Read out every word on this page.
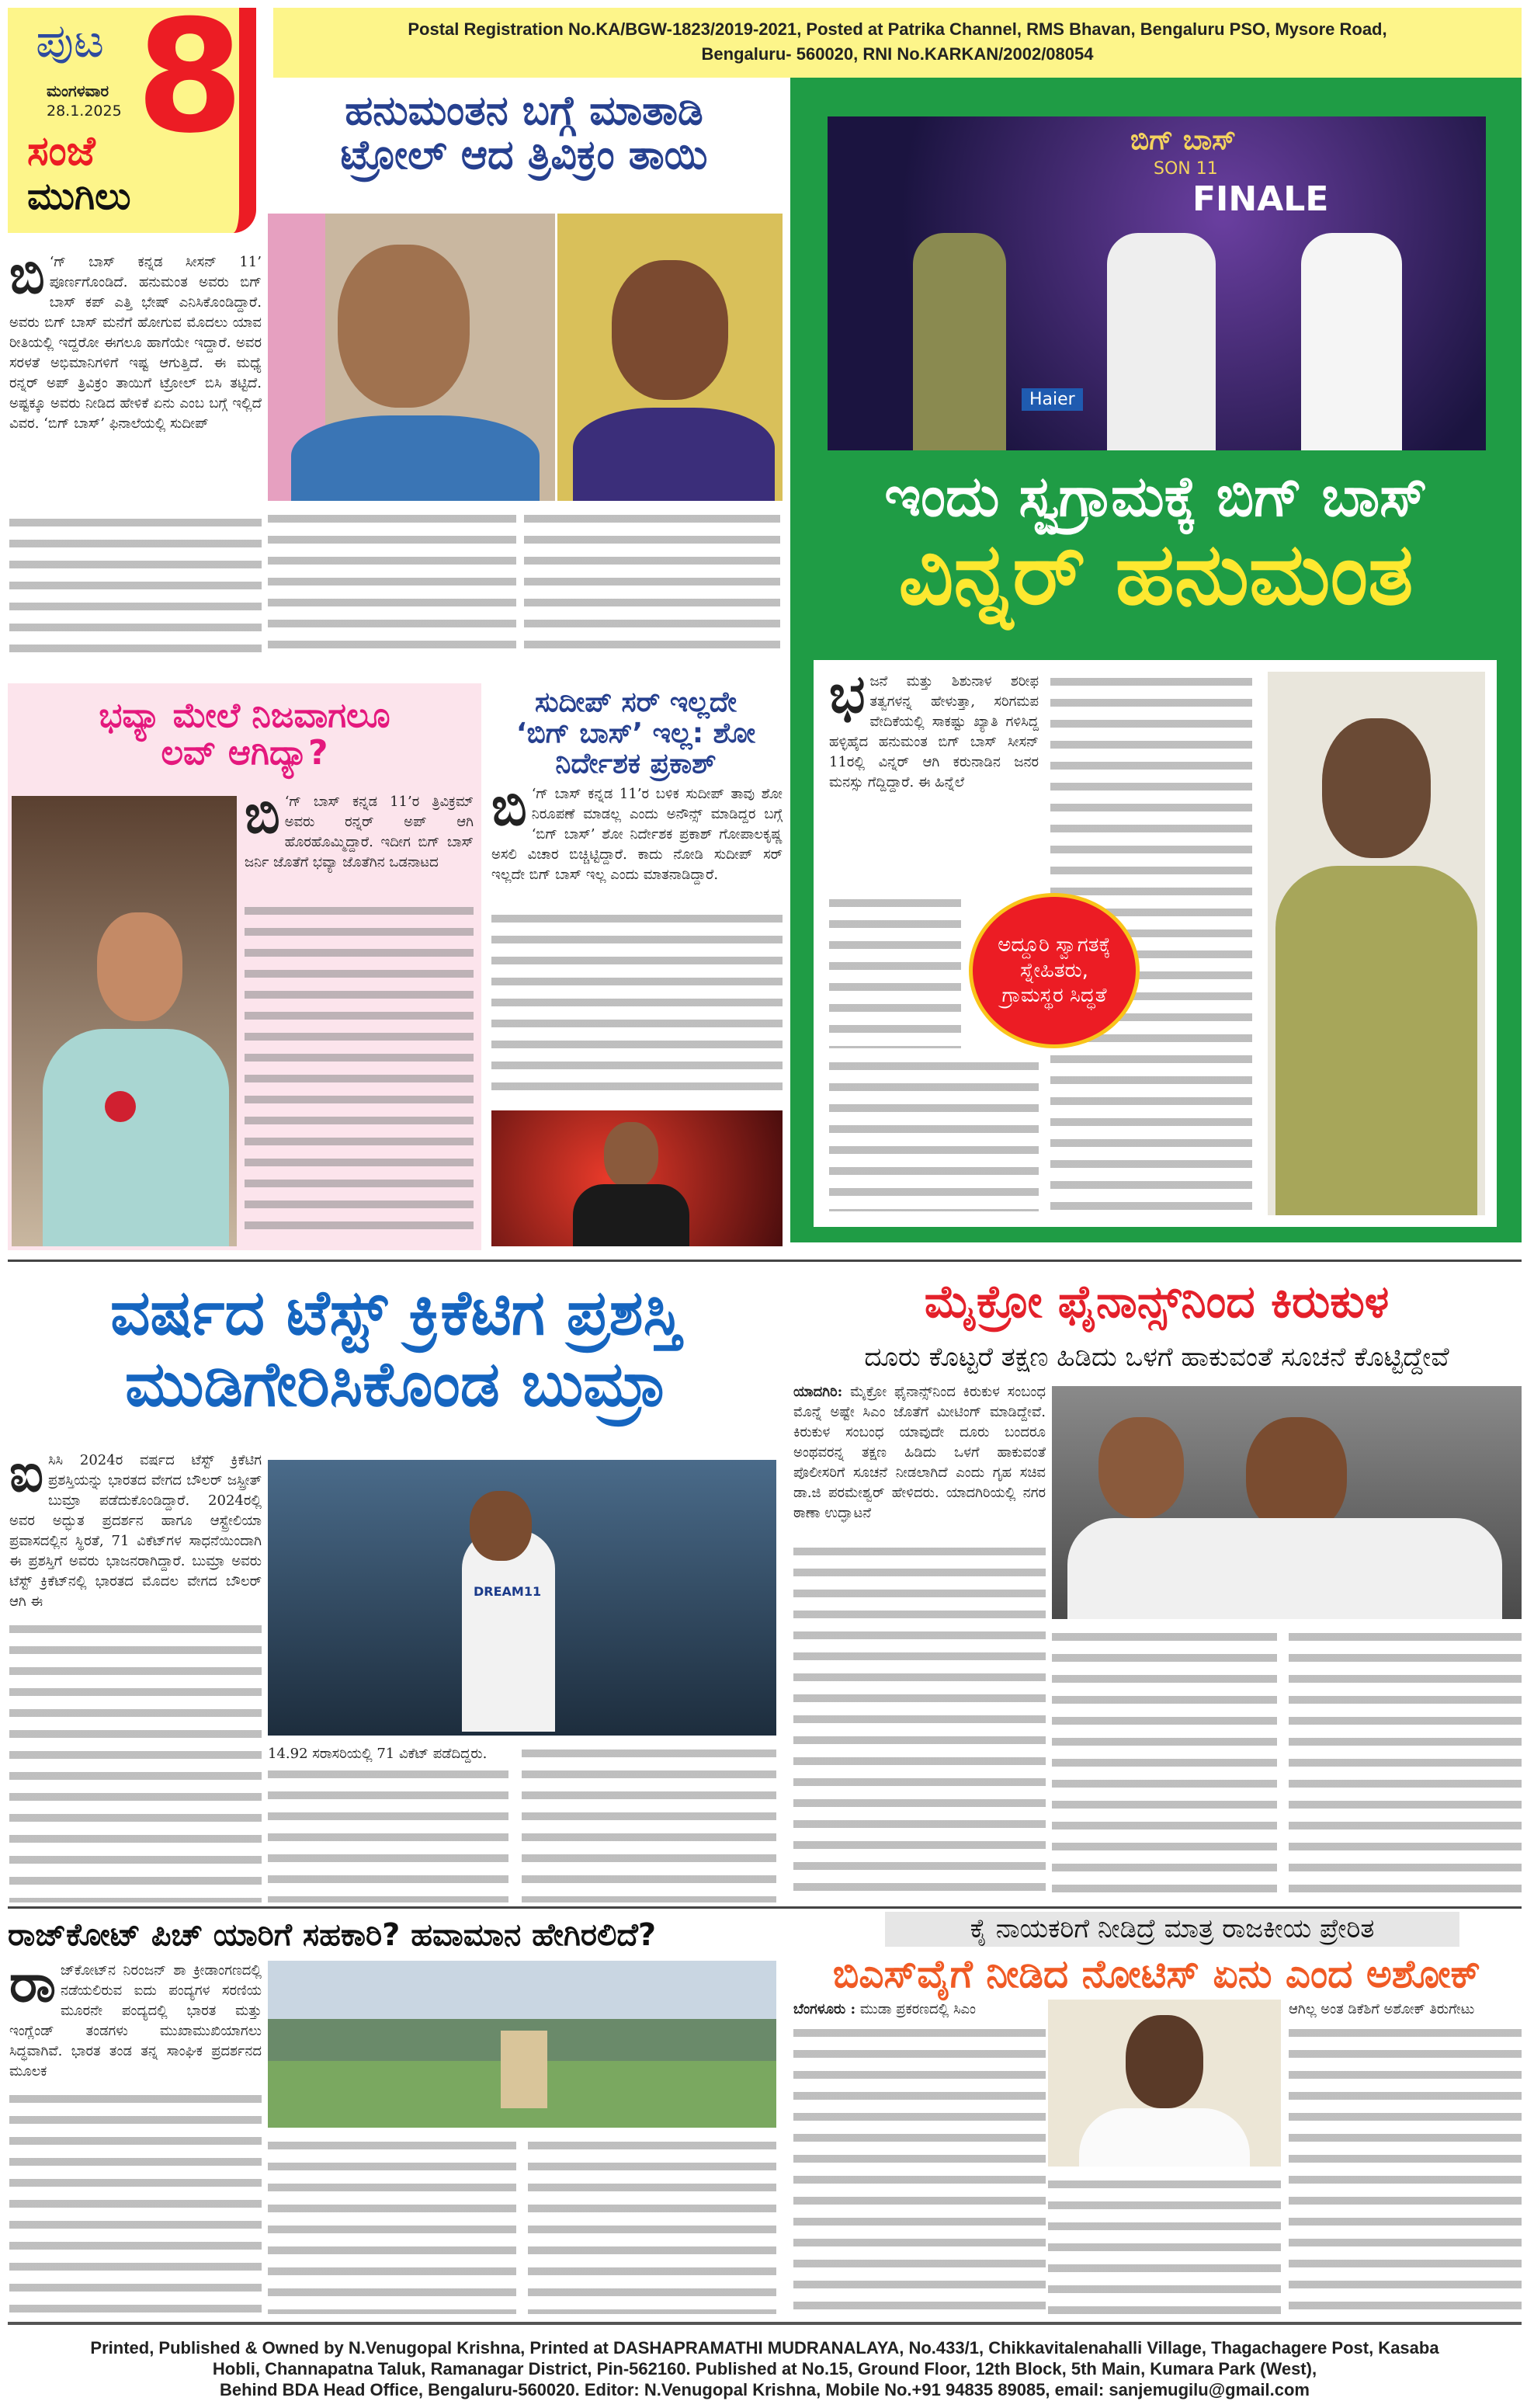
ಪುಟ 8
ಮಂಗಳವಾರ
28.1.2025
ಸಂಜೆ
ಮುಗಿಲು
Postal Registration No.KA/BGW-1823/2019-2021, Posted at Patrika Channel, RMS Bhavan, Bengaluru PSO, Mysore Road,
Bengaluru- 560020, RNI No.KARKAN/2002/08054
ಹನುಮಂತನ ಬಗ್ಗೆ ಮಾತಾಡಿ
ಟ್ರೋಲ್ ಆದ ತ್ರಿವಿಕ್ರಂ ತಾಯಿ
ಬಿ ‘ಗ್ ಬಾಸ್ ಕನ್ನಡ ಸೀಸನ್ 11’ ಪೂರ್ಣಗೊಂಡಿದೆ. ಹನುಮಂತ ಅವರು ಬಿಗ್ ಬಾಸ್ ಕಪ್ ಎತ್ತಿ ಭೇಷ್ ಎನಿಸಿಕೊಂಡಿದ್ದಾರೆ. ಅವರು ಬಿಗ್ ಬಾಸ್ ಮನೆಗೆ ಹೋಗುವ ಮೊದಲು ಯಾವ ರೀತಿಯಲ್ಲಿ ಇದ್ದರೋ ಈಗಲೂ ಹಾಗೆಯೇ ಇದ್ದಾರೆ. ಅವರ ಸರಳತೆ ಅಭಿಮಾನಿಗಳಿಗೆ ಇಷ್ಟ ಆಗುತ್ತಿದೆ. ಈ ಮಧ್ಯೆ ರನ್ನರ್ ಅಪ್ ತ್ರಿವಿಕ್ರಂ ತಾಯಿಗೆ ಟ್ರೋಲ್ ಬಿಸಿ ತಟ್ಟಿದೆ. ಅಷ್ಟಕ್ಕೂ ಅವರು ನೀಡಿದ ಹೇಳಿಕೆ ಏನು ಎಂಬ ಬಗ್ಗೆ ಇಲ್ಲಿದೆ ವಿವರ. ‘ಬಿಗ್ ಬಾಸ್’ ಫಿನಾಲೆಯಲ್ಲಿ ಸುದೀಪ್
ಬಿಗ್ ಬಾಸ್
SON 11
FINALE
Haier
ಇಂದು ಸ್ವಗ್ರಾಮಕ್ಕೆ ಬಿಗ್ ಬಾಸ್
ವಿನ್ನರ್ ಹನುಮಂತ
ಅದ್ದೂರಿ ಸ್ವಾಗತಕ್ಕೆ ಸ್ನೇಹಿತರು, ಗ್ರಾಮಸ್ಥರ ಸಿದ್ಧತೆ
ಭಜನೆ ಮತ್ತು ಶಿಶುನಾಳ ಶರೀಫ ತತ್ವಗಳನ್ನ ಹೇಳುತ್ತಾ, ಸರಿಗಮಪ ವೇದಿಕೆಯಲ್ಲಿ ಸಾಕಷ್ಟು ಖ್ಯಾತಿ ಗಳಿಸಿದ್ದ ಹಳ್ಳಿಹೈದ ಹನುಮಂತ ಬಿಗ್ ಬಾಸ್ ಸೀಸನ್ 11ರಲ್ಲಿ ವಿನ್ನರ್ ಆಗಿ ಕರುನಾಡಿನ ಜನರ ಮನಸ್ಸು ಗೆದ್ದಿದ್ದಾರೆ. ಈ ಹಿನ್ನೆಲೆ
ಭವ್ಯಾ ಮೇಲೆ ನಿಜವಾಗಲೂ
ಲವ್ ಆಗಿದ್ಯಾ?
ಬಿ ‘ಗ್ ಬಾಸ್ ಕನ್ನಡ 11’ರ ತ್ರಿವಿಕ್ರಮ್ ಅವರು ರನ್ನರ್ ಅಪ್ ಆಗಿ ಹೊರಹೊಮ್ಮಿದ್ದಾರೆ. ಇದೀಗ ಬಿಗ್ ಬಾಸ್ ಜರ್ನಿ ಜೊತೆಗೆ ಭವ್ಯಾ ಜೊತೆಗಿನ ಒಡನಾಟದ
ಸುದೀಪ್ ಸರ್ ಇಲ್ಲದೇ
‘ಬಿಗ್ ಬಾಸ್’ ಇಲ್ಲ: ಶೋ
ನಿರ್ದೇಶಕ ಪ್ರಕಾಶ್
ಬಿ ‘ಗ್ ಬಾಸ್ ಕನ್ನಡ 11’ರ ಬಳಿಕ ಸುದೀಪ್ ತಾವು ಶೋ ನಿರೂಪಣೆ ಮಾಡಲ್ಲ ಎಂದು ಅನೌನ್ಸ್ ಮಾಡಿದ್ದರ ಬಗ್ಗೆ ‘ಬಿಗ್ ಬಾಸ್’ ಶೋ ನಿರ್ದೇಶಕ ಪ್ರಕಾಶ್ ಗೋಪಾಲಕೃಷ್ಣ ಅಸಲಿ ವಿಚಾರ ಬಿಚ್ಚಿಟ್ಟಿದ್ದಾರೆ. ಕಾದು ನೋಡಿ ಸುದೀಪ್ ಸರ್ ಇಲ್ಲದೇ ಬಿಗ್ ಬಾಸ್ ಇಲ್ಲ ಎಂದು ಮಾತನಾಡಿದ್ದಾರೆ.
ವರ್ಷದ ಟೆಸ್ಟ್ ಕ್ರಿಕೆಟಿಗ ಪ್ರಶಸ್ತಿ
ಮುಡಿಗೇರಿಸಿಕೊಂಡ ಬುಮ್ರಾ
ಐಸಿಸಿ 2024ರ ವರ್ಷದ ಟೆಸ್ಟ್ ಕ್ರಿಕೆಟಿಗ ಪ್ರಶಸ್ತಿಯನ್ನು ಭಾರತದ ವೇಗದ ಬೌಲರ್ ಜಸ್ಪ್ರೀತ್ ಬುಮ್ರಾ ಪಡೆದುಕೊಂಡಿದ್ದಾರೆ. 2024ರಲ್ಲಿ ಅವರ ಅದ್ಭುತ ಪ್ರದರ್ಶನ ಹಾಗೂ ಆಸ್ಟ್ರೇಲಿಯಾ ಪ್ರವಾಸದಲ್ಲಿನ ಸ್ಥಿರತೆ, 71 ವಿಕೆಟ್‌ಗಳ ಸಾಧನೆಯಿಂದಾಗಿ ಈ ಪ್ರಶಸ್ತಿಗೆ ಅವರು ಭಾಜನರಾಗಿದ್ದಾರೆ. ಬುಮ್ರಾ ಅವರು ಟೆಸ್ಟ್ ಕ್ರಿಕೆಟ್‌ನಲ್ಲಿ ಭಾರತದ ಮೊದಲ ವೇಗದ ಬೌಲರ್ ಆಗಿ ಈ
DREAM11
14.92 ಸರಾಸರಿಯಲ್ಲಿ 71 ವಿಕೆಟ್ ಪಡೆದಿದ್ದರು.
ಮೈಕ್ರೋ ಫೈನಾನ್ಸ್‌ನಿಂದ ಕಿರುಕುಳ
ದೂರು ಕೊಟ್ಟರೆ ತಕ್ಷಣ ಹಿಡಿದು ಒಳಗೆ ಹಾಕುವಂತೆ ಸೂಚನೆ ಕೊಟ್ಟಿದ್ದೇವೆ
ಯಾದಗಿರಿ: ಮೈಕ್ರೋ ಫೈನಾನ್ಸ್‌ನಿಂದ ಕಿರುಕುಳ ಸಂಬಂಧ ಮೊನ್ನೆ ಅಷ್ಟೇ ಸಿಎಂ ಜೊತೆಗೆ ಮೀಟಿಂಗ್ ಮಾಡಿದ್ದೇವೆ. ಕಿರುಕುಳ ಸಂಬಂಧ ಯಾವುದೇ ದೂರು ಬಂದರೂ ಅಂಥವರನ್ನ ತಕ್ಷಣ ಹಿಡಿದು ಒಳಗೆ ಹಾಕುವಂತೆ ಪೊಲೀಸರಿಗೆ ಸೂಚನೆ ನೀಡಲಾಗಿದೆ ಎಂದು ಗೃಹ ಸಚಿವ ಡಾ.ಜಿ ಪರಮೇಶ್ವರ್ ಹೇಳಿದರು. ಯಾದಗಿರಿಯಲ್ಲಿ ನಗರ ಠಾಣಾ ಉದ್ಘಾಟನೆ
ರಾಜ್‌ಕೋಟ್ ಪಿಚ್ ಯಾರಿಗೆ ಸಹಕಾರಿ? ಹವಾಮಾನ ಹೇಗಿರಲಿದೆ?
ರಾಜ್‌ಕೋಟ್‌ನ ನಿರಂಜನ್ ಶಾ ಕ್ರೀಡಾಂಗಣದಲ್ಲಿ ನಡೆಯಲಿರುವ ಐದು ಪಂದ್ಯಗಳ ಸರಣಿಯ ಮೂರನೇ ಪಂದ್ಯದಲ್ಲಿ ಭಾರತ ಮತ್ತು ಇಂಗ್ಲೆಂಡ್ ತಂಡಗಳು ಮುಖಾಮುಖಿಯಾಗಲು ಸಿದ್ಧವಾಗಿವೆ. ಭಾರತ ತಂಡ ತನ್ನ ಸಾಂಘಿಕ ಪ್ರದರ್ಶನದ ಮೂಲಕ
ಕೈ ನಾಯಕರಿಗೆ ನೀಡಿದ್ರೆ ಮಾತ್ರ ರಾಜಕೀಯ ಪ್ರೇರಿತ
ಬಿಎಸ್‌ವೈಗೆ ನೀಡಿದ ನೋಟಿಸ್ ಏನು ಎಂದ ಅಶೋಕ್
ಬೆಂಗಳೂರು : ಮುಡಾ ಪ್ರಕರಣದಲ್ಲಿ ಸಿಎಂ	ಆಗಿಲ್ಲ ಅಂತ ಡಿಕೆಶಿಗೆ ಅಶೋಕ್ ತಿರುಗೇಟು
Printed, Published & Owned by N.Venugopal Krishna, Printed at DASHAPRAMATHI MUDRANALAYA, No.433/1, Chikkavitalenahalli Village, Thagachagere Post, Kasaba
Hobli, Channapatna Taluk, Ramanagar District, Pin-562160. Published at No.15, Ground Floor, 12th Block, 5th Main, Kumara Park (West),
Behind BDA Head Office, Bengaluru-560020. Editor: N.Venugopal Krishna, Mobile No.+91 94835 89085, email: sanjemugilu@gmail.com
